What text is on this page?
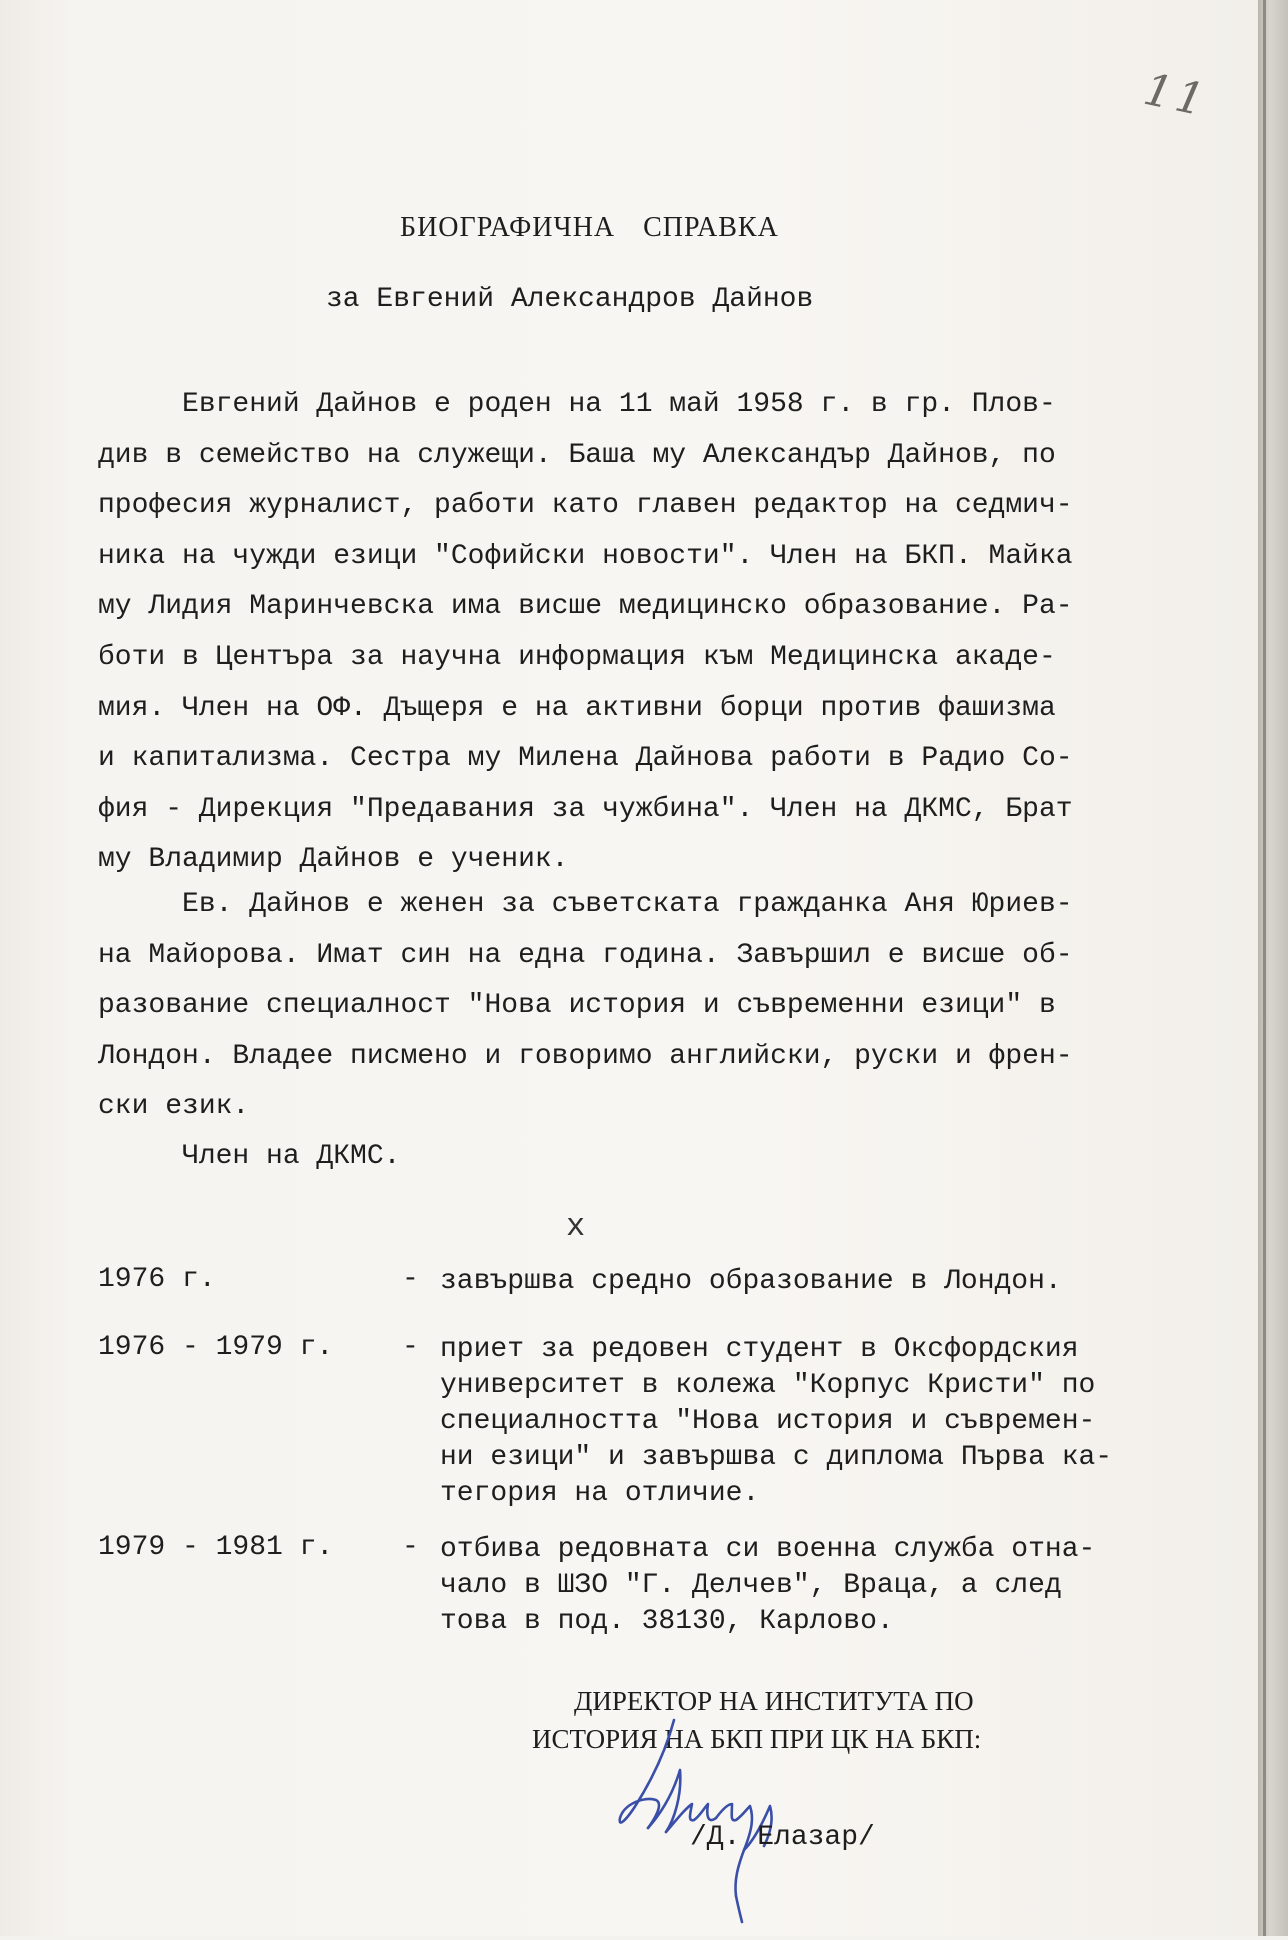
11
БИОГРАФИЧНА СПРАВКА
за Евгений Александров Дайнов

Евгений Дайнов е роден на 11 май 1958 г. в гр. Плов-
див в семейство на служещи. Баша му Александър Дайнов, по
професия журналист, работи като главен редактор на седмич-
ника на чужди езици "Софийски новости". Член на БКП. Майка
му Лидия Маринчевска има висше медицинско образование. Ра-
боти в Центъра за научна информация към Медицинска акаде-
мия. Член на ОФ. Дъщеря е на активни борци против фашизма
и капитализма. Сестра му Милена Дайнова работи в Радио Со-
фия - Дирекция "Предавания за чужбина". Член на ДКМС, Брат
му Владимир Дайнов е ученик.

Ев. Дайнов е женен за съветската гражданка Аня Юриев-
на Майорова. Имат син на една година. Завършил е висше об-
разование специалност "Нова история и съвременни езици" в
Лондон. Владее писмено и говоримо английски, руски и френ-
ски език.

Член на ДКМС.

x
1976 г.	- завършва средно образование в Лондон.

1976 - 1979 г. - приет за редовен студент в Оксфордския
университет в колежа "Корпус Кристи" по
специалността "Нова история и съвремен-
ни езици" и завършва с диплома Първа ка-
тегория на отличие.

1979 - 1981 г. - отбива редовната си военна служба отна-
чало в ШЗО "Г. Делчев", Враца, а след
това в под. 38130, Карлово.

ДИРЕКТОР НА ИНСТИТУТА ПО
ИСТОРИЯ НА БКП ПРИ ЦК НА БКП:
/Д. Елазар/
